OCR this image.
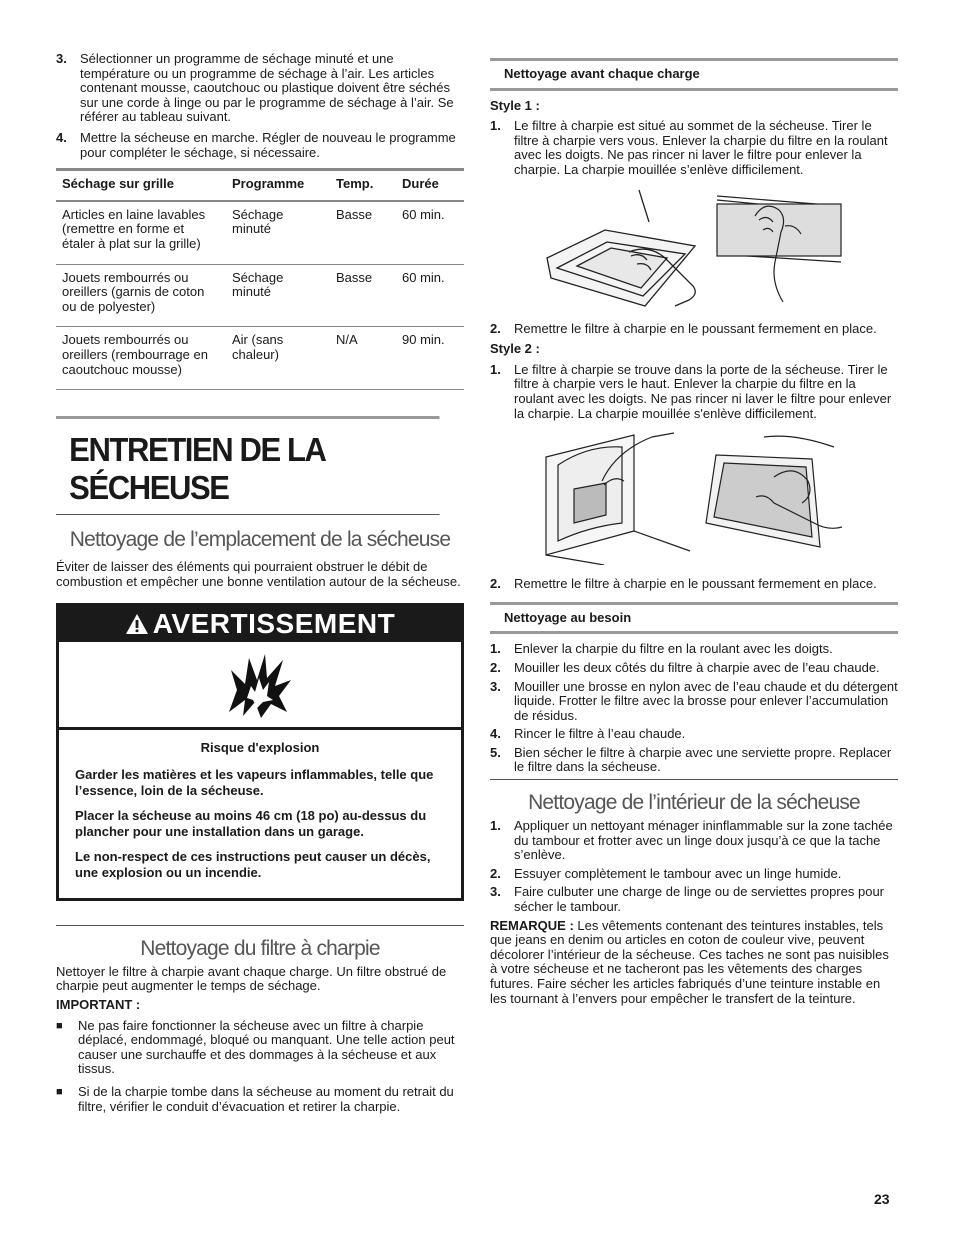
3.	Sélectionner un programme de séchage minuté et une température ou un programme de séchage à l’air. Les articles contenant mousse, caoutchouc ou plastique doivent être séchés sur une corde à linge ou par le programme de séchage à l’air. Se référer au tableau suivant.
4.	Mettre la sécheuse en marche. Régler de nouveau le programme pour compléter le séchage, si nécessaire.
Séchage sur grille	Programme	Temp.	Durée
Articles en laine lavables (remettre en forme et étaler à plat sur la grille)	Séchage minuté	Basse	60 min.
Jouets rembourrés ou oreillers (garnis de coton ou de polyester)	Séchage minuté	Basse	60 min.
Jouets rembourrés ou oreillers (rembourrage en caoutchouc mousse)	Air (sans chaleur)	N/A	90 min.
ENTRETIEN DE LA SÉCHEUSE
Nettoyage de l’emplacement de la sécheuse
Éviter de laisser des éléments qui pourraient obstruer le débit de combustion et empêcher une bonne ventilation autour de la sécheuse.
AVERTISSEMENT

Risque d'explosion

Garder les matières et les vapeurs inflammables, telle que l’essence, loin de la sécheuse.

Placer la sécheuse au moins 46 cm (18 po) au-dessus du plancher pour une installation dans un garage.

Le non-respect de ces instructions peut causer un décès, une explosion ou un incendie.

Nettoyage du filtre à charpie
Nettoyer le filtre à charpie avant chaque charge. Un filtre obstrué de charpie peut augmenter le temps de séchage.
IMPORTANT :
■	Ne pas faire fonctionner la sécheuse avec un filtre à charpie déplacé, endommagé, bloqué ou manquant. Une telle action peut causer une surchauffe et des dommages à la sécheuse et aux tissus.
■	Si de la charpie tombe dans la sécheuse au moment du retrait du filtre, vérifier le conduit d’évacuation et retirer la charpie.
Nettoyage avant chaque charge
Style 1 :
1.	Le filtre à charpie est situé au sommet de la sécheuse. Tirer le filtre à charpie vers vous. Enlever la charpie du filtre en la roulant avec les doigts. Ne pas rincer ni laver le filtre pour enlever la charpie. La charpie mouillée s’enlève difficilement.
2.	Remettre le filtre à charpie en le poussant fermement en place.
Style 2 :
1.	Le filtre à charpie se trouve dans la porte de la sécheuse. Tirer le filtre à charpie vers le haut. Enlever la charpie du filtre en la roulant avec les doigts. Ne pas rincer ni laver le filtre pour enlever la charpie. La charpie mouillée s'enlève difficilement.
2.	Remettre le filtre à charpie en le poussant fermement en place.
Nettoyage au besoin
1.	Enlever la charpie du filtre en la roulant avec les doigts.
2.	Mouiller les deux côtés du filtre à charpie avec de l’eau chaude.
3.	Mouiller une brosse en nylon avec de l’eau chaude et du détergent liquide. Frotter le filtre avec la brosse pour enlever l’accumulation de résidus.
4.	Rincer le filtre à l’eau chaude.
5.	Bien sécher le filtre à charpie avec une serviette propre. Replacer le filtre dans la sécheuse.
Nettoyage de l’intérieur de la sécheuse
1.	Appliquer un nettoyant ménager ininflammable sur la zone tachée du tambour et frotter avec un linge doux jusqu’à ce que la tache s’enlève.
2.	Essuyer complètement le tambour avec un linge humide.
3.	Faire culbuter une charge de linge ou de serviettes propres pour sécher le tambour.
REMARQUE : Les vêtements contenant des teintures instables, tels que jeans en denim ou articles en coton de couleur vive, peuvent décolorer l’intérieur de la sécheuse. Ces taches ne sont pas nuisibles à votre sécheuse et ne tacheront pas les vêtements des charges futures. Faire sécher les articles fabriqués d’une teinture instable en les tournant à l’envers pour empêcher le transfert de la teinture.
23
